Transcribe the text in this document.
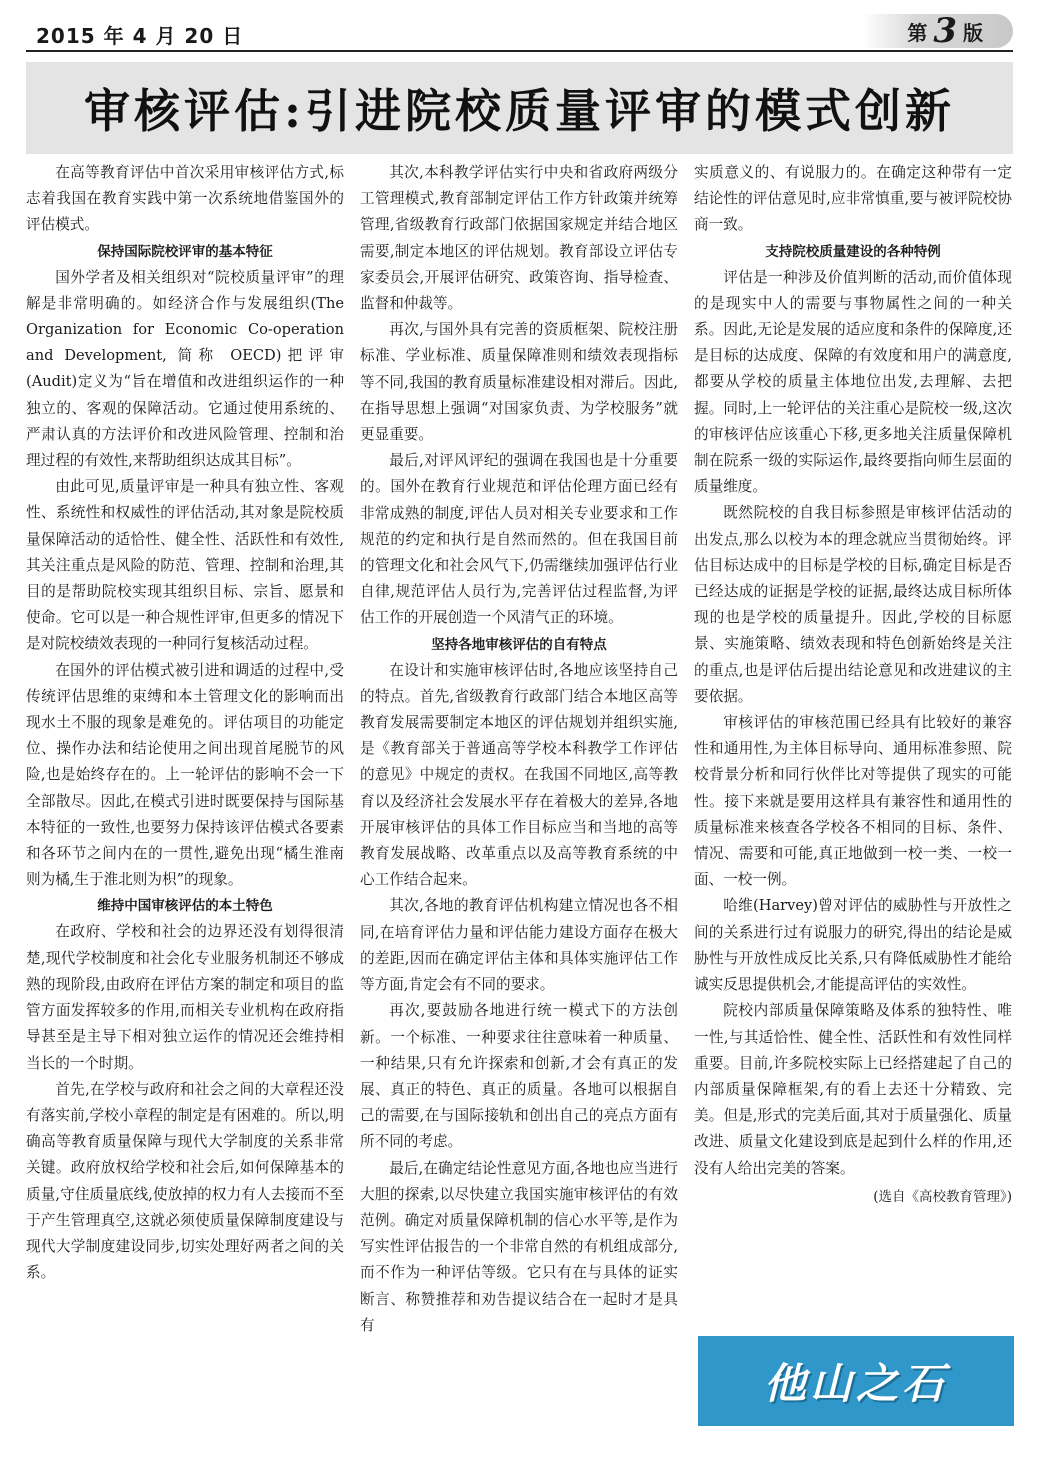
2015 年 4 月 20 日	第 3 版
审核评估:引进院校质量评审的模式创新

在高等教育评估中首次采用审核评估方式,标志着我国在教育实践中第一次系统地借鉴国外的评估模式。

保持国际院校评审的基本特征

国外学者及相关组织对“院校质量评审”的理解是非常明确的。如经济合作与发展组织(The Organization for Economic Co-operation and Development, 简称 OECD)把评审(Audit)定义为“旨在增值和改进组织运作的一种独立的、客观的保障活动。它通过使用系统的、严肃认真的方法评价和改进风险管理、控制和治理过程的有效性,来帮助组织达成其目标”。

由此可见,质量评审是一种具有独立性、客观性、系统性和权威性的评估活动,其对象是院校质量保障活动的适恰性、健全性、活跃性和有效性,其关注重点是风险的防范、管理、控制和治理,其目的是帮助院校实现其组织目标、宗旨、愿景和使命。它可以是一种合规性评审,但更多的情况下是对院校绩效表现的一种同行复核活动过程。

在国外的评估模式被引进和调适的过程中,受传统评估思维的束缚和本土管理文化的影响而出现水土不服的现象是难免的。评估项目的功能定位、操作办法和结论使用之间出现首尾脱节的风险,也是始终存在的。上一轮评估的影响不会一下全部散尽。因此,在模式引进时既要保持与国际基本特征的一致性,也要努力保持该评估模式各要素和各环节之间内在的一贯性,避免出现“橘生淮南则为橘,生于淮北则为枳”的现象。

维持中国审核评估的本土特色

在政府、学校和社会的边界还没有划得很清楚,现代学校制度和社会化专业服务机制还不够成熟的现阶段,由政府在评估方案的制定和项目的监管方面发挥较多的作用,而相关专业机构在政府指导甚至是主导下相对独立运作的情况还会维持相当长的一个时期。

首先,在学校与政府和社会之间的大章程还没有落实前,学校小章程的制定是有困难的。所以,明确高等教育质量保障与现代大学制度的关系非常关键。政府放权给学校和社会后,如何保障基本的质量,守住质量底线,使放掉的权力有人去接而不至于产生管理真空,这就必须使质量保障制度建设与现代大学制度建设同步,切实处理好两者之间的关系。

其次,本科教学评估实行中央和省政府两级分工管理模式,教育部制定评估工作方针政策并统筹管理,省级教育行政部门依据国家规定并结合地区需要,制定本地区的评估规划。教育部设立评估专家委员会,开展评估研究、政策咨询、指导检查、监督和仲裁等。

再次,与国外具有完善的资质框架、院校注册标准、学业标准、质量保障准则和绩效表现指标等不同,我国的教育质量标准建设相对滞后。因此,在指导思想上强调“对国家负责、为学校服务”就更显重要。

最后,对评风评纪的强调在我国也是十分重要的。国外在教育行业规范和评估伦理方面已经有非常成熟的制度,评估人员对相关专业要求和工作规范的约定和执行是自然而然的。但在我国目前的管理文化和社会风气下,仍需继续加强评估行业自律,规范评估人员行为,完善评估过程监督,为评估工作的开展创造一个风清气正的环境。

坚持各地审核评估的自有特点

在设计和实施审核评估时,各地应该坚持自己的特点。首先,省级教育行政部门结合本地区高等教育发展需要制定本地区的评估规划并组织实施,是《教育部关于普通高等学校本科教学工作评估的意见》中规定的责权。在我国不同地区,高等教育以及经济社会发展水平存在着极大的差异,各地开展审核评估的具体工作目标应当和当地的高等教育发展战略、改革重点以及高等教育系统的中心工作结合起来。

其次,各地的教育评估机构建立情况也各不相同,在培育评估力量和评估能力建设方面存在极大的差距,因而在确定评估主体和具体实施评估工作等方面,肯定会有不同的要求。

再次,要鼓励各地进行统一模式下的方法创新。一个标准、一种要求往往意味着一种质量、一种结果,只有允许探索和创新,才会有真正的发展、真正的特色、真正的质量。各地可以根据自己的需要,在与国际接轨和创出自己的亮点方面有所不同的考虑。

最后,在确定结论性意见方面,各地也应当进行大胆的探索,以尽快建立我国实施审核评估的有效范例。确定对质量保障机制的信心水平等,是作为写实性评估报告的一个非常自然的有机组成部分,而不作为一种评估等级。它只有在与具体的证实断言、称赞推荐和劝告提议结合在一起时才是具有

实质意义的、有说服力的。在确定这种带有一定结论性的评估意见时,应非常慎重,要与被评院校协商一致。

支持院校质量建设的各种特例

评估是一种涉及价值判断的活动,而价值体现的是现实中人的需要与事物属性之间的一种关系。因此,无论是发展的适应度和条件的保障度,还是目标的达成度、保障的有效度和用户的满意度,都要从学校的质量主体地位出发,去理解、去把握。同时,上一轮评估的关注重心是院校一级,这次的审核评估应该重心下移,更多地关注质量保障机制在院系一级的实际运作,最终要指向师生层面的质量维度。

既然院校的自我目标参照是审核评估活动的出发点,那么以校为本的理念就应当贯彻始终。评估目标达成中的目标是学校的目标,确定目标是否已经达成的证据是学校的证据,最终达成目标所体现的也是学校的质量提升。因此,学校的目标愿景、实施策略、绩效表现和特色创新始终是关注的重点,也是评估后提出结论意见和改进建议的主要依据。

审核评估的审核范围已经具有比较好的兼容性和通用性,为主体目标导向、通用标准参照、院校背景分析和同行伙伴比对等提供了现实的可能性。接下来就是要用这样具有兼容性和通用性的质量标准来核查各学校各不相同的目标、条件、情况、需要和可能,真正地做到一校一类、一校一面、一校一例。

哈维(Harvey)曾对评估的威胁性与开放性之间的关系进行过有说服力的研究,得出的结论是威胁性与开放性成反比关系,只有降低威胁性才能给诚实反思提供机会,才能提高评估的实效性。

院校内部质量保障策略及体系的独特性、唯一性,与其适恰性、健全性、活跃性和有效性同样重要。目前,许多院校实际上已经搭建起了自己的内部质量保障框架,有的看上去还十分精致、完美。但是,形式的完美后面,其对于质量强化、质量改进、质量文化建设到底是起到什么样的作用,还没有人给出完美的答案。

(选自《高校教育管理》)

他山之石
